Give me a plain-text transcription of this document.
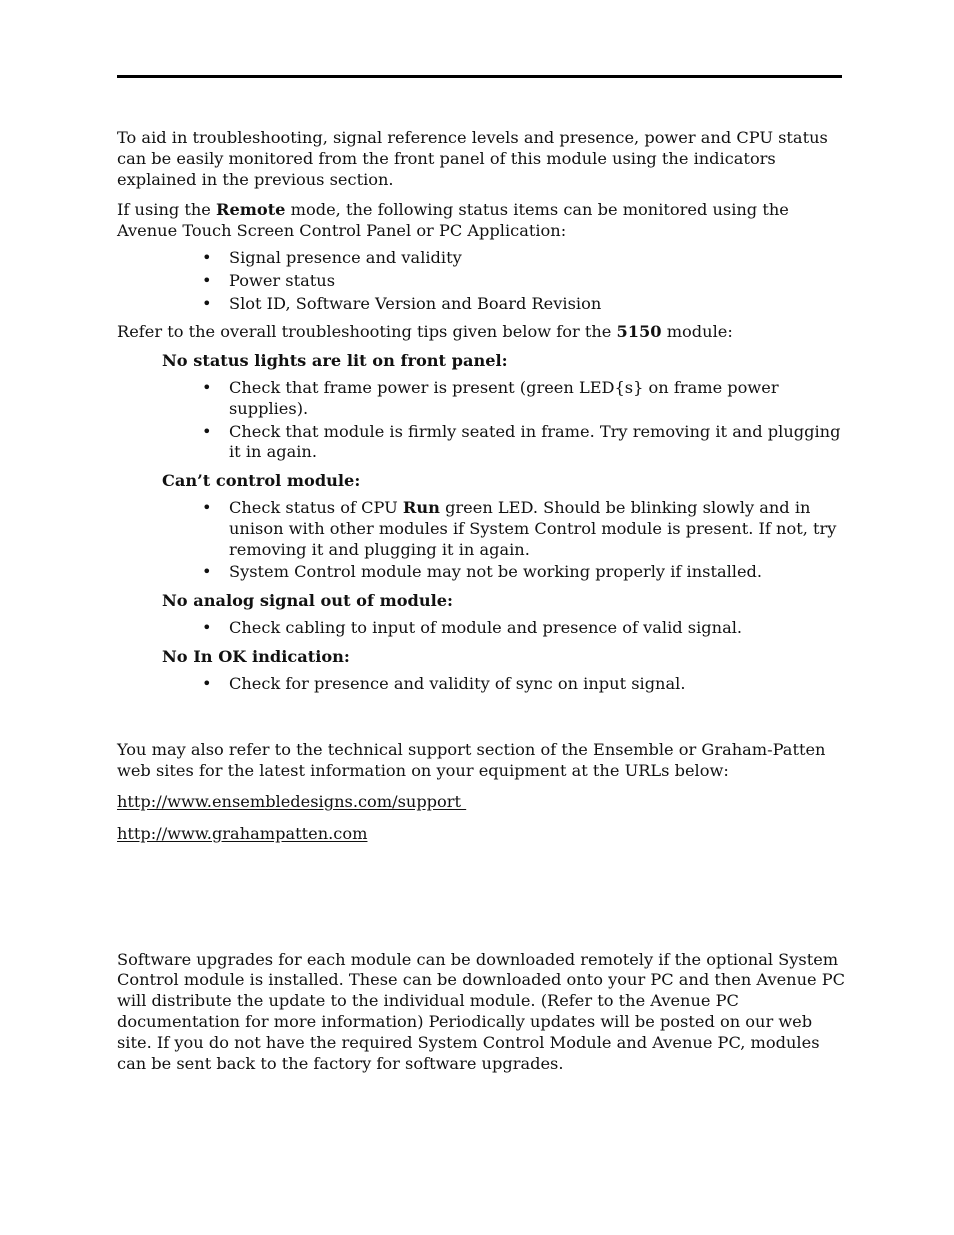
To aid in troubleshooting, signal reference levels and presence, power and CPU status can be easily monitored from the front panel of this module using the indicators explained in the previous section.

If using the Remote mode, the following status items can be monitored using the Avenue Touch Screen Control Panel or PC Application:

• Signal presence and validity
• Power status
• Slot ID, Software Version and Board Revision

Refer to the overall troubleshooting tips given below for the 5150 module:

No status lights are lit on front panel:

• Check that frame power is present (green LED{s} on frame power supplies).
• Check that module is firmly seated in frame. Try removing it and plugging it in again.

Can’t control module:

• Check status of CPU Run green LED. Should be blinking slowly and in unison with other modules if System Control module is present. If not, try removing it and plugging it in again.
• System Control module may not be working properly if installed.

No analog signal out of module:

• Check cabling to input of module and presence of valid signal.

No In OK indication:

• Check for presence and validity of sync on input signal.

You may also refer to the technical support section of the Ensemble or Graham-Patten web sites for the latest information on your equipment at the URLs below:

http://www.ensembledesigns.com/support
http://www.grahampatten.com

Software upgrades for each module can be downloaded remotely if the optional System Control module is installed. These can be downloaded onto your PC and then Avenue PC will distribute the update to the individual module. (Refer to the Avenue PC documentation for more information) Periodically updates will be posted on our web site. If you do not have the required System Control Module and Avenue PC, modules can be sent back to the factory for software upgrades.
